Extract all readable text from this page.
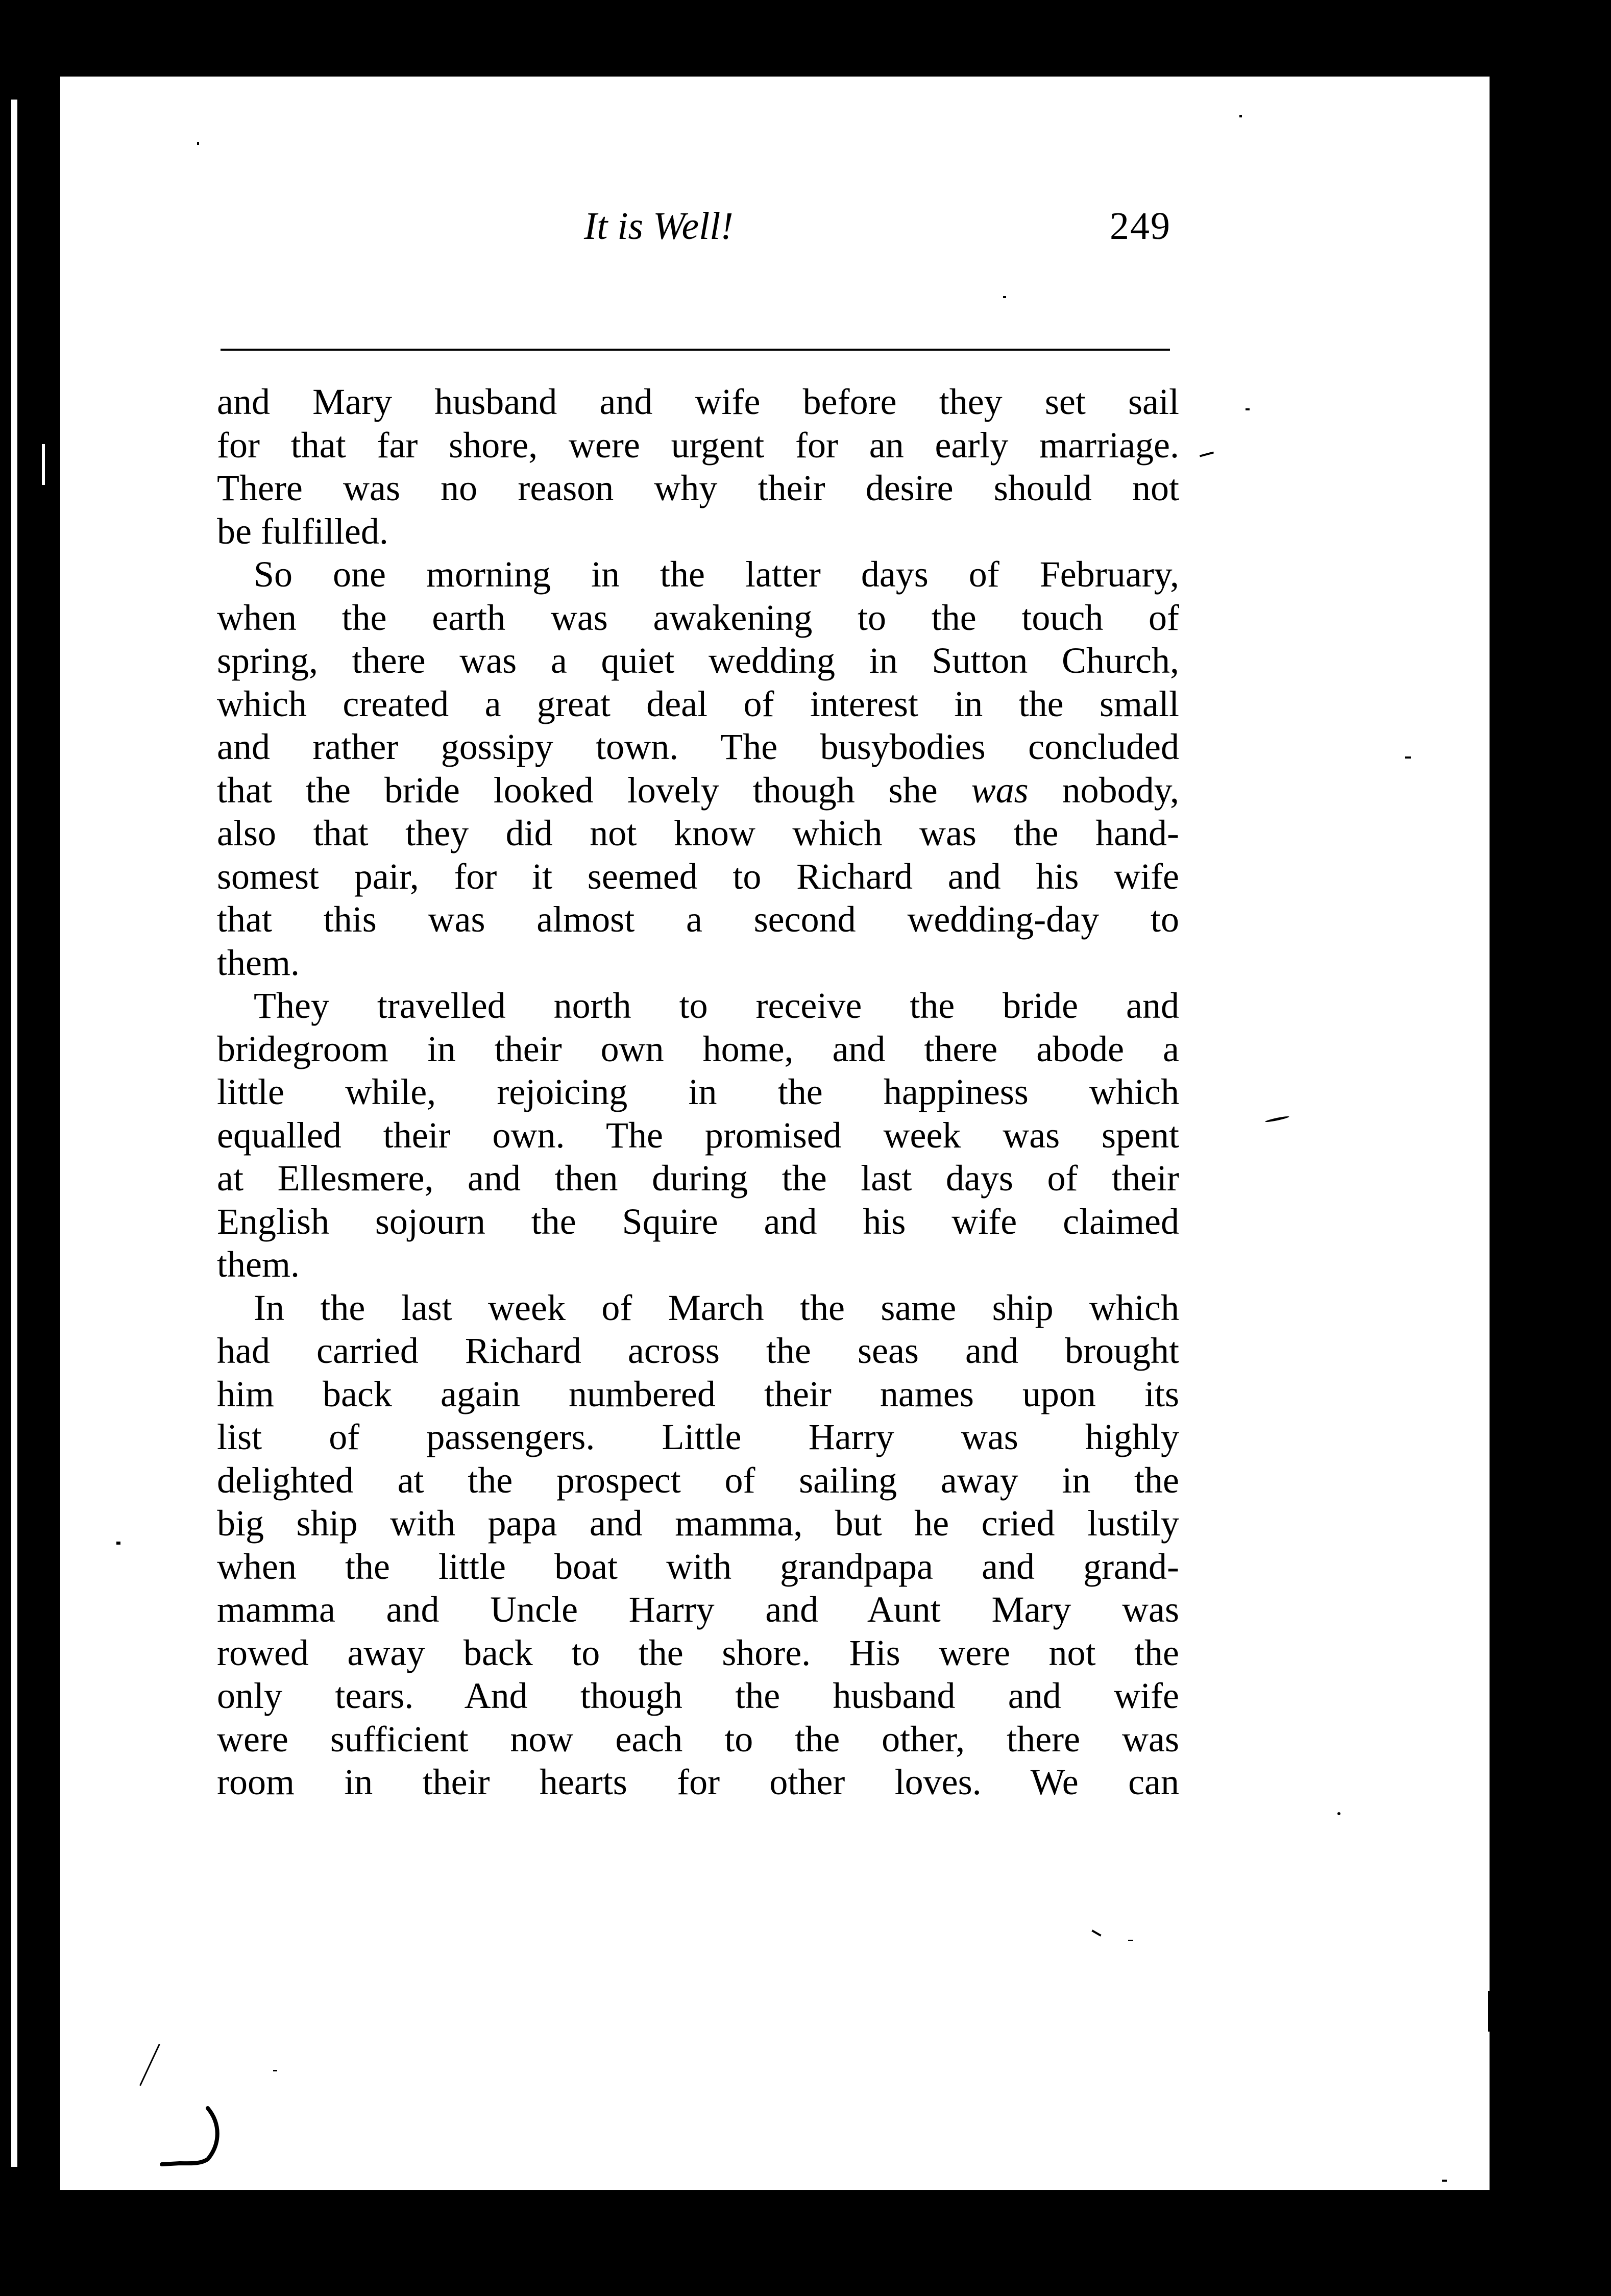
It is Well!	249
and Mary husband and wife before they set sail
for that far shore, were urgent for an early marriage.
There was no reason why their desire should not
be fulfilled.
So one morning in the latter days of February,
when the earth was awakening to the touch of
spring, there was a quiet wedding in Sutton Church,
which created a great deal of interest in the small
and rather gossipy town. The busybodies concluded
that the bride looked lovely though she was nobody,
also that they did not know which was the hand-
somest pair, for it seemed to Richard and his wife
that this was almost a second wedding-day to
them.
They travelled north to receive the bride and
bridegroom in their own home, and there abode a
little while, rejoicing in the happiness which
equalled their own. The promised week was spent
at Ellesmere, and then during the last days of their
English sojourn the Squire and his wife claimed
them.
In the last week of March the same ship which
had carried Richard across the seas and brought
him back again numbered their names upon its
list of passengers. Little Harry was highly
delighted at the prospect of sailing away in the
big ship with papa and mamma, but he cried lustily
when the little boat with grandpapa and grand-
mamma and Uncle Harry and Aunt Mary was
rowed away back to the shore. His were not the
only tears. And though the husband and wife
were sufficient now each to the other, there was
room in their hearts for other loves. We can
